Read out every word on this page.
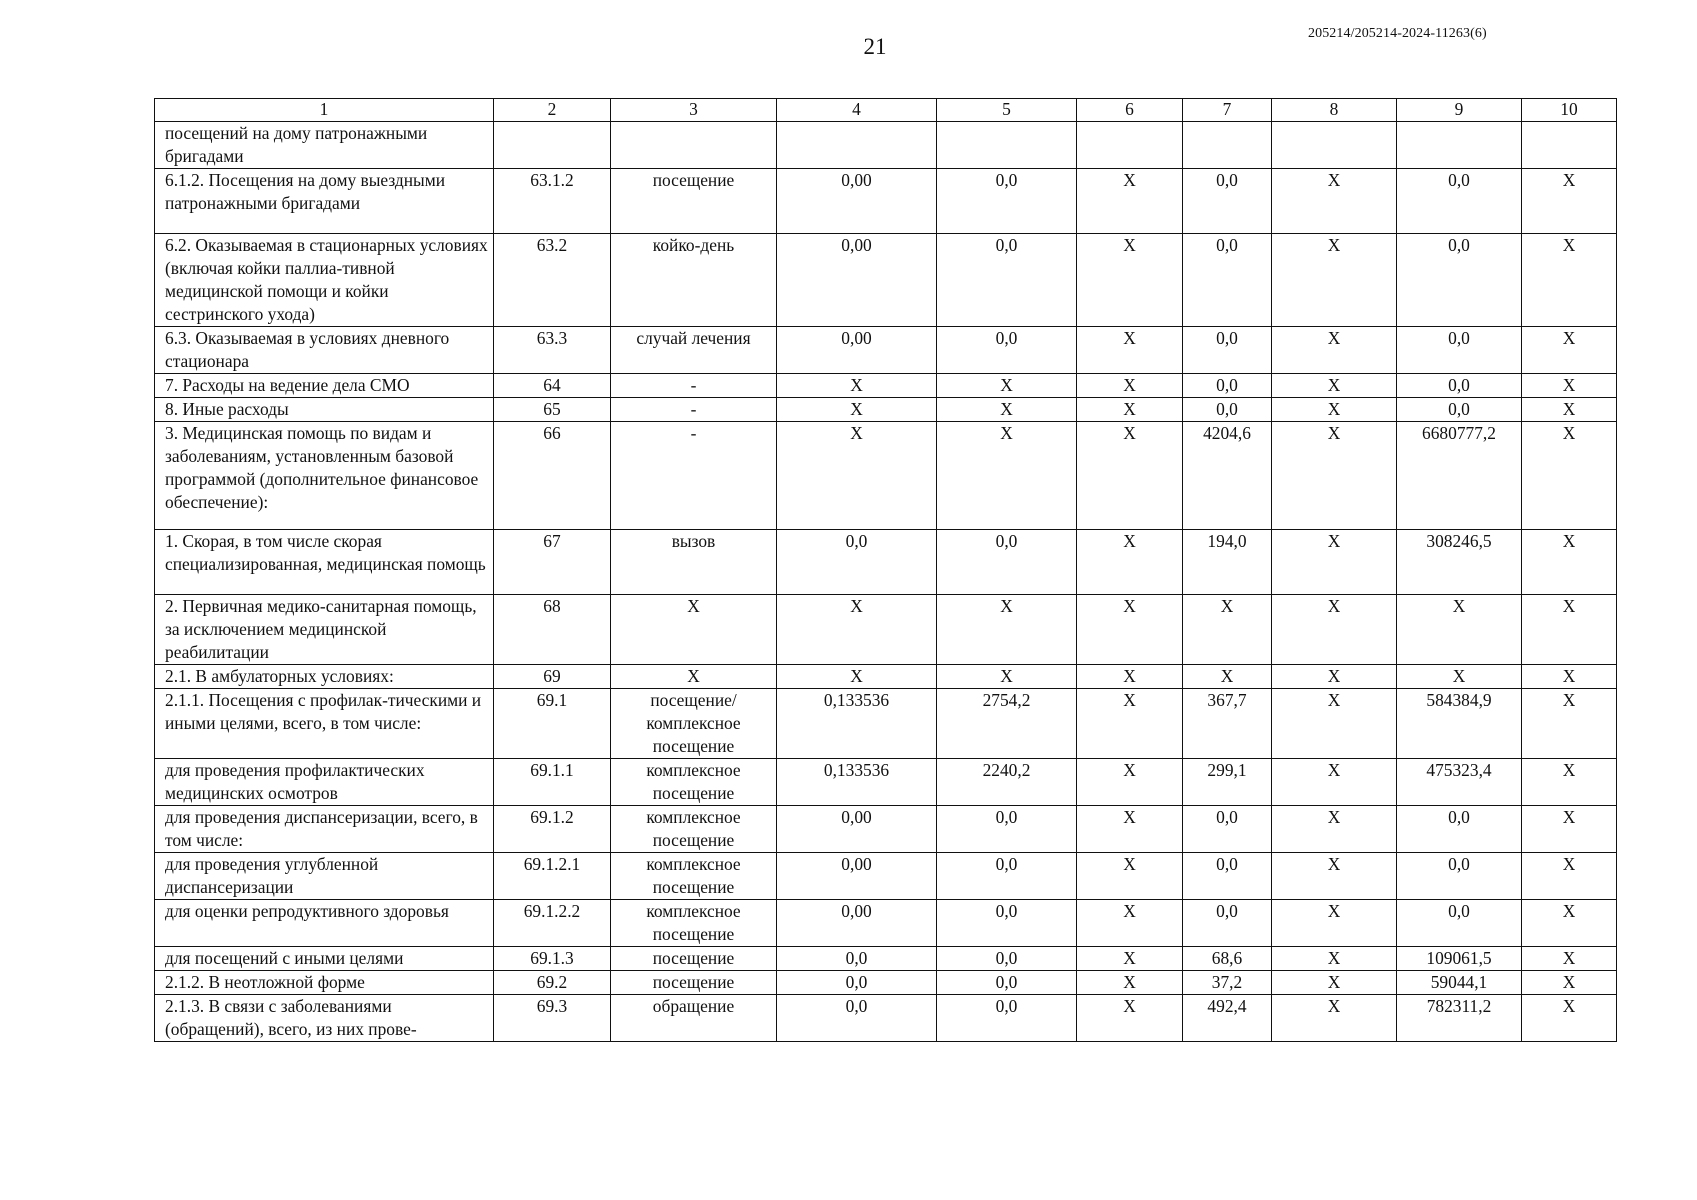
21
205214/205214-2024-11263(6)
1	2	3	4	5	6	7	8	9	10
посещений на дому патронажными бригадами									
6.1.2. Посещения на дому выездными патронажными бригадами	63.1.2	посещение	0,00	0,0	X	0,0	X	0,0	X
6.2. Оказываемая в стационарных условиях (включая койки паллиа-тивной медицинской помощи и койки сестринского ухода)	63.2	койко-день	0,00	0,0	X	0,0	X	0,0	X
6.3. Оказываемая в условиях дневного стационара	63.3	случай лечения	0,00	0,0	X	0,0	X	0,0	X
7. Расходы на ведение дела СМО	64	-	X	X	X	0,0	X	0,0	X
8. Иные расходы	65	-	X	X	X	0,0	X	0,0	X
3. Медицинская помощь по видам и заболеваниям, установленным базовой программой (дополнительное финансовое обеспечение):	66	-	X	X	X	4204,6	X	6680777,2	X
1. Скорая, в том числе скорая специализированная, медицинская помощь	67	вызов	0,0	0,0	X	194,0	X	308246,5	X
2. Первичная медико-санитарная помощь, за исключением медицинской реабилитации	68	X	X	X	X	X	X	X	X
2.1. В амбулаторных условиях:	69	X	X	X	X	X	X	X	X
2.1.1. Посещения с профилак-тическими и иными целями, всего, в том числе:	69.1	посещение/ комплексное посещение	0,133536	2754,2	X	367,7	X	584384,9	X
для проведения профилактических медицинских осмотров	69.1.1	комплексное посещение	0,133536	2240,2	X	299,1	X	475323,4	X
для проведения диспансеризации, всего, в том числе:	69.1.2	комплексное посещение	0,00	0,0	X	0,0	X	0,0	X
для проведения углубленной диспансеризации	69.1.2.1	комплексное посещение	0,00	0,0	X	0,0	X	0,0	X
для оценки репродуктивного здоровья	69.1.2.2	комплексное посещение	0,00	0,0	X	0,0	X	0,0	X
для посещений с иными целями	69.1.3	посещение	0,0	0,0	X	68,6	X	109061,5	X
2.1.2. В неотложной форме	69.2	посещение	0,0	0,0	X	37,2	X	59044,1	X
2.1.3. В связи с заболеваниями (обращений), всего, из них прове-	69.3	обращение	0,0	0,0	X	492,4	X	782311,2	X
